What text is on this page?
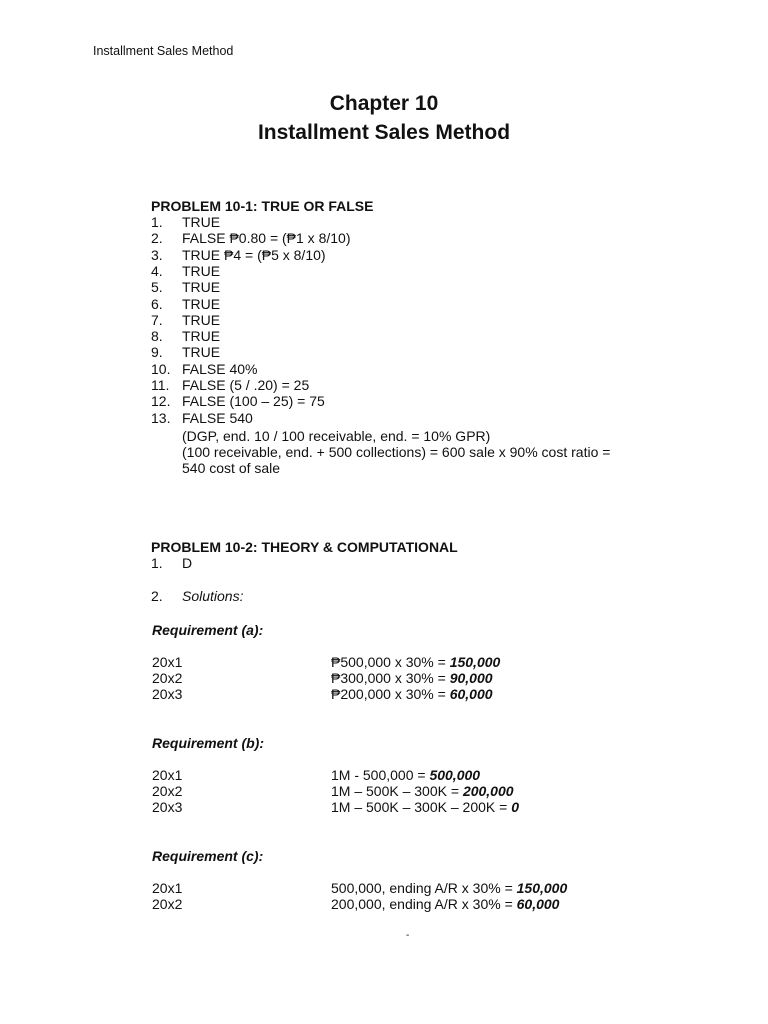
Installment Sales Method
Chapter 10
Installment Sales Method
PROBLEM 10-1: TRUE OR FALSE
1. TRUE
2. FALSE ₱0.80 = (₱1 x 8/10)
3. TRUE ₱4 = (₱5 x 8/10)
4. TRUE
5. TRUE
6. TRUE
7. TRUE
8. TRUE
9. TRUE
10. FALSE 40%
11. FALSE (5 / .20) = 25
12. FALSE (100 – 25) = 75
13. FALSE 540
(DGP, end. 10 / 100 receivable, end. = 10% GPR)
(100 receivable, end. + 500 collections) = 600 sale x 90% cost ratio =
540 cost of sale
PROBLEM 10-2: THEORY & COMPUTATIONAL
1. D
2. Solutions:
Requirement (a):
20x1	₱500,000 x 30% = 150,000
20x2	₱300,000 x 30% = 90,000
20x3	₱200,000 x 30% = 60,000
Requirement (b):
20x1	1M - 500,000 = 500,000
20x2	1M – 500K – 300K = 200,000
20x3	1M – 500K – 300K – 200K = 0
Requirement (c):
20x1	500,000, ending A/R x 30% = 150,000
20x2	200,000, ending A/R x 30% = 60,000
-
